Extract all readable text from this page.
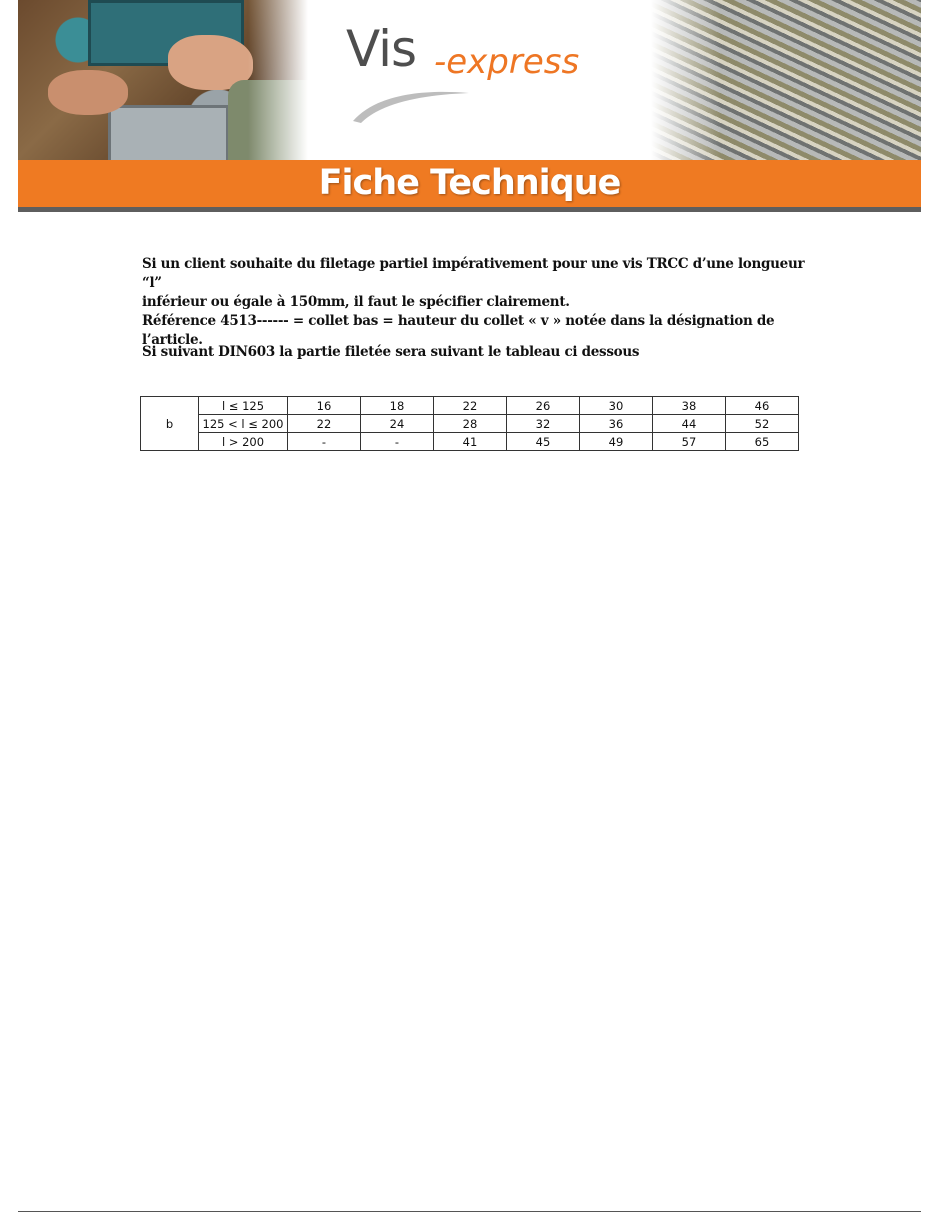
Vis -express
Fiche Technique
Si un client souhaite du filetage partiel impérativement pour une vis TRCC d’une longueur “l”
inférieur ou égale à 150mm, il faut le spécifier clairement.
Référence 4513------ = collet bas = hauteur du collet « v » notée dans la désignation de l’article.
Si suivant DIN603 la partie filetée sera suivant le tableau ci dessous
b	l ≤ 125	16	18	22	26	30	38	46
	125 < l ≤ 200	22	24	28	32	36	44	52
	l > 200	-	-	41	45	49	57	65
